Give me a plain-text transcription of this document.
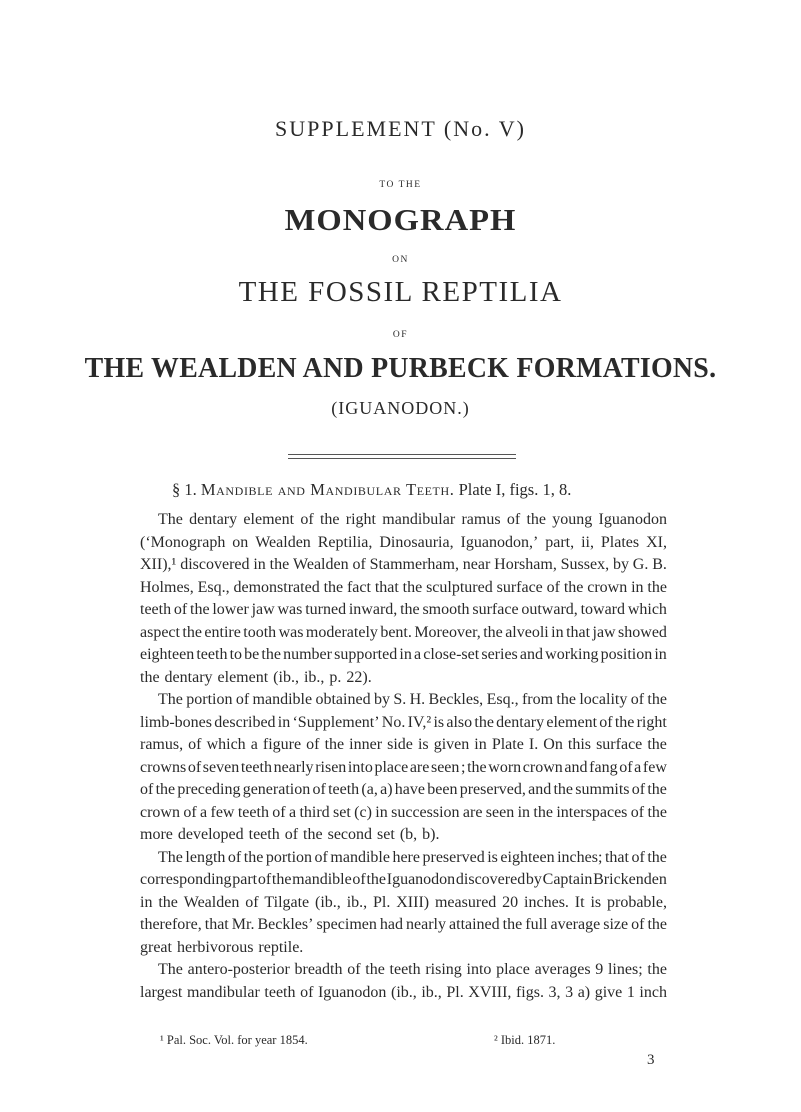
SUPPLEMENT (No. V)
TO THE
MONOGRAPH
ON
THE FOSSIL REPTILIA
OF
THE WEALDEN AND PURBECK FORMATIONS.
(IGUANODON.)
§ 1. Mandible and Mandibular Teeth. Plate I, figs. 1, 8.
The dentary element of the right mandibular ramus of the young Iguanodon
(‘Monograph on Wealden Reptilia, Dinosauria, Iguanodon,’ part, ii, Plates XI,
XII),¹ discovered in the Wealden of Stammerham, near Horsham, Sussex, by G. B.
Holmes, Esq., demonstrated the fact that the sculptured surface of the crown in the
teeth of the lower jaw was turned inward, the smooth surface outward, toward which
aspect the entire tooth was moderately bent. Moreover, the alveoli in that jaw showed
eighteen teeth to be the number supported in a close-set series and working position in
the dentary element (ib., ib., p. 22).
The portion of mandible obtained by S. H. Beckles, Esq., from the locality of the
limb-bones described in ‘Supplement’ No. IV,² is also the dentary element of the right
ramus, of which a figure of the inner side is given in Plate I. On this surface the
crowns of seven teeth nearly risen into place are seen ; the worn crown and fang of a few
of the preceding generation of teeth (a, a) have been preserved, and the summits of the
crown of a few teeth of a third set (c) in succession are seen in the interspaces of the
more developed teeth of the second set (b, b).
The length of the portion of mandible here preserved is eighteen inches; that of the
corresponding part of the mandible of the Iguanodon discovered by Captain Brickenden
in the Wealden of Tilgate (ib., ib., Pl. XIII) measured 20 inches. It is probable,
therefore, that Mr. Beckles’ specimen had nearly attained the full average size of the
great herbivorous reptile.
The antero-posterior breadth of the teeth rising into place averages 9 lines; the
largest mandibular teeth of Iguanodon (ib., ib., Pl. XVIII, figs. 3, 3 a) give 1 inch
¹ Pal. Soc. Vol. for year 1854.	² Ibid. 1871.
3
